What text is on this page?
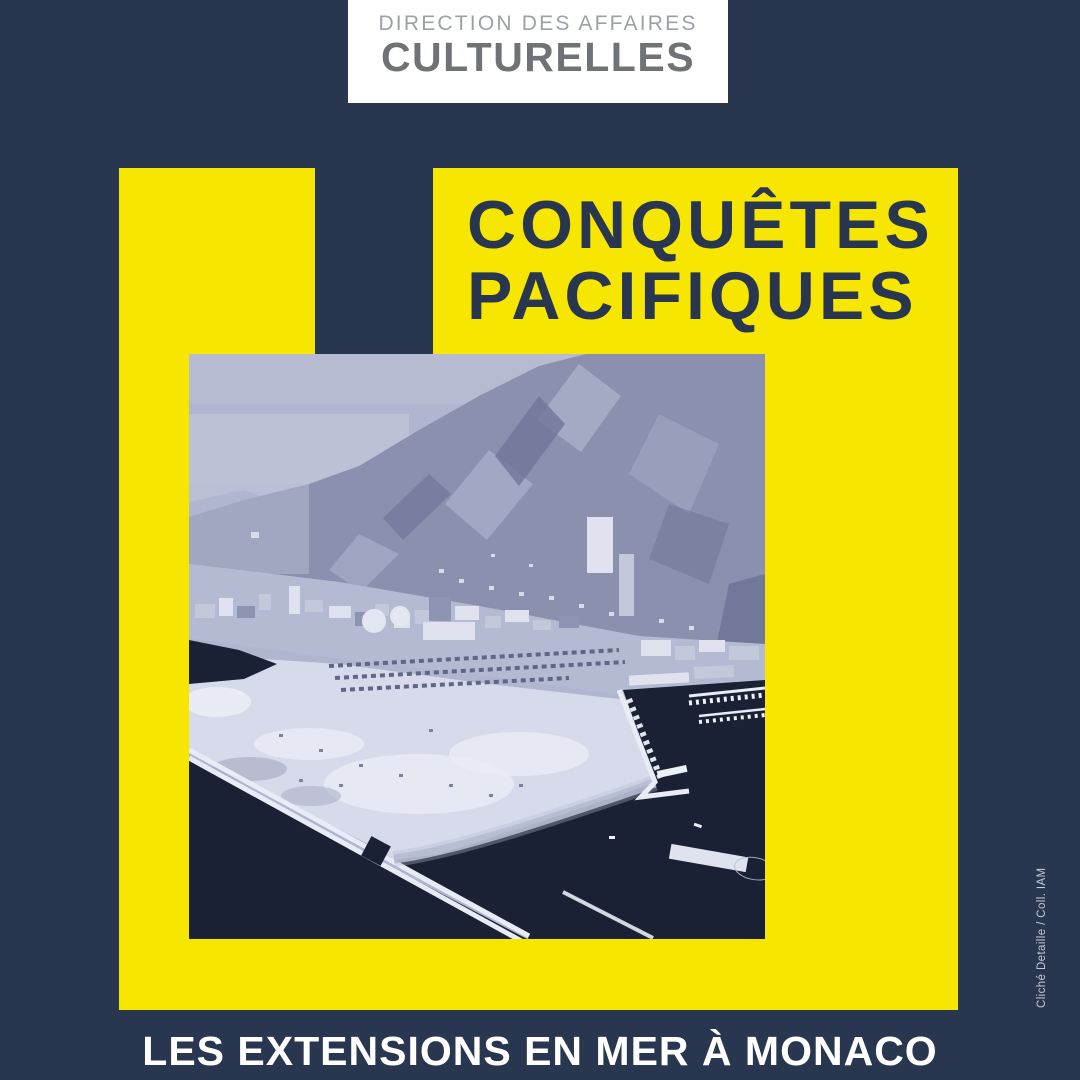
DIRECTION DES AFFAIRES
CULTURELLES
CONQUÊTES
PACIFIQUES
Cliché Detaille / Coll. IAM
LES EXTENSIONS EN MER À MONACO
